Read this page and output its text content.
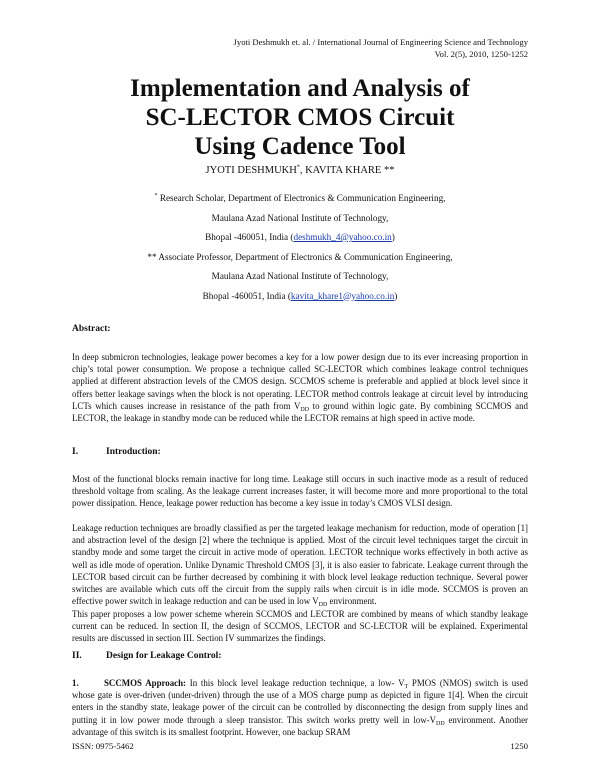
Jyoti Deshmukh et. al. / International Journal of Engineering Science and Technology
Vol. 2(5), 2010, 1250-1252
Implementation and Analysis of
SC-LECTOR CMOS Circuit
Using Cadence Tool
JYOTI DESHMUKH*, KAVITA KHARE **
* Research Scholar, Department of Electronics & Communication Engineering,
Maulana Azad National Institute of Technology,
Bhopal -460051, India (deshmukh_4@yahoo.co.in)
** Associate Professor, Department of Electronics & Communication Engineering,
Maulana Azad National Institute of Technology,
Bhopal -460051, India (kavita_khare1@yahoo.co.in)
Abstract:

In deep submicron technologies, leakage power becomes a key for a low power design due to its ever increasing proportion in chip’s total power consumption. We propose a technique called SC-LECTOR which combines leakage control techniques applied at different abstraction levels of the CMOS design. SCCMOS scheme is preferable and applied at block level since it offers better leakage savings when the block is not operating. LECTOR method controls leakage at circuit level by introducing LCTs which causes increase in resistance of the path from $V_{DD}$ to ground within logic gate. By combining SCCMOS and LECTOR, the leakage in standby mode can be reduced while the LECTOR remains at high speed in active mode.

I.	Introduction:

Most of the functional blocks remain inactive for long time. Leakage still occurs in such inactive mode as a result of reduced threshold voltage from scaling. As the leakage current increases faster, it will become more and more proportional to the total power dissipation. Hence, leakage power reduction has become a key issue in today’s CMOS VLSI design.

Leakage reduction techniques are broadly classified as per the targeted leakage mechanism for reduction, mode of operation [1] and abstraction level of the design [2] where the technique is applied. Most of the circuit level techniques target the circuit in standby mode and some target the circuit in active mode of operation. LECTOR technique works effectively in both active as well as idle mode of operation. Unlike Dynamic Threshold CMOS [3], it is also easier to fabricate. Leakage current through the LECTOR based circuit can be further decreased by combining it with block level leakage reduction technique. Several power switches are available which cuts off the circuit from the supply rails when circuit is in idle mode. SCCMOS is proven an effective power switch in leakage reduction and can be used in low $V_{DD}$ environment.

This paper proposes a low power scheme wherein SCCMOS and LECTOR are combined by means of which standby leakage current can be reduced. In section II, the design of SCCMOS, LECTOR and SC-LECTOR will be explained. Experimental results are discussed in section III. Section IV summarizes the findings.

II.	Design for Leakage Control:

1.	SCCMOS Approach: In this block level leakage reduction technique, a low- $V_T$ PMOS (NMOS) switch is used whose gate is over-driven (under-driven) through the use of a MOS charge pump as depicted in figure 1[4]. When the circuit enters in the standby state, leakage power of the circuit can be controlled by disconnecting the design from supply lines and putting it in low power mode through a sleep transistor. This switch works pretty well in low-$V_{DD}$ environment. Another advantage of this switch is its smallest footprint. However, one backup SRAM

ISSN: 0975-5462	1250
